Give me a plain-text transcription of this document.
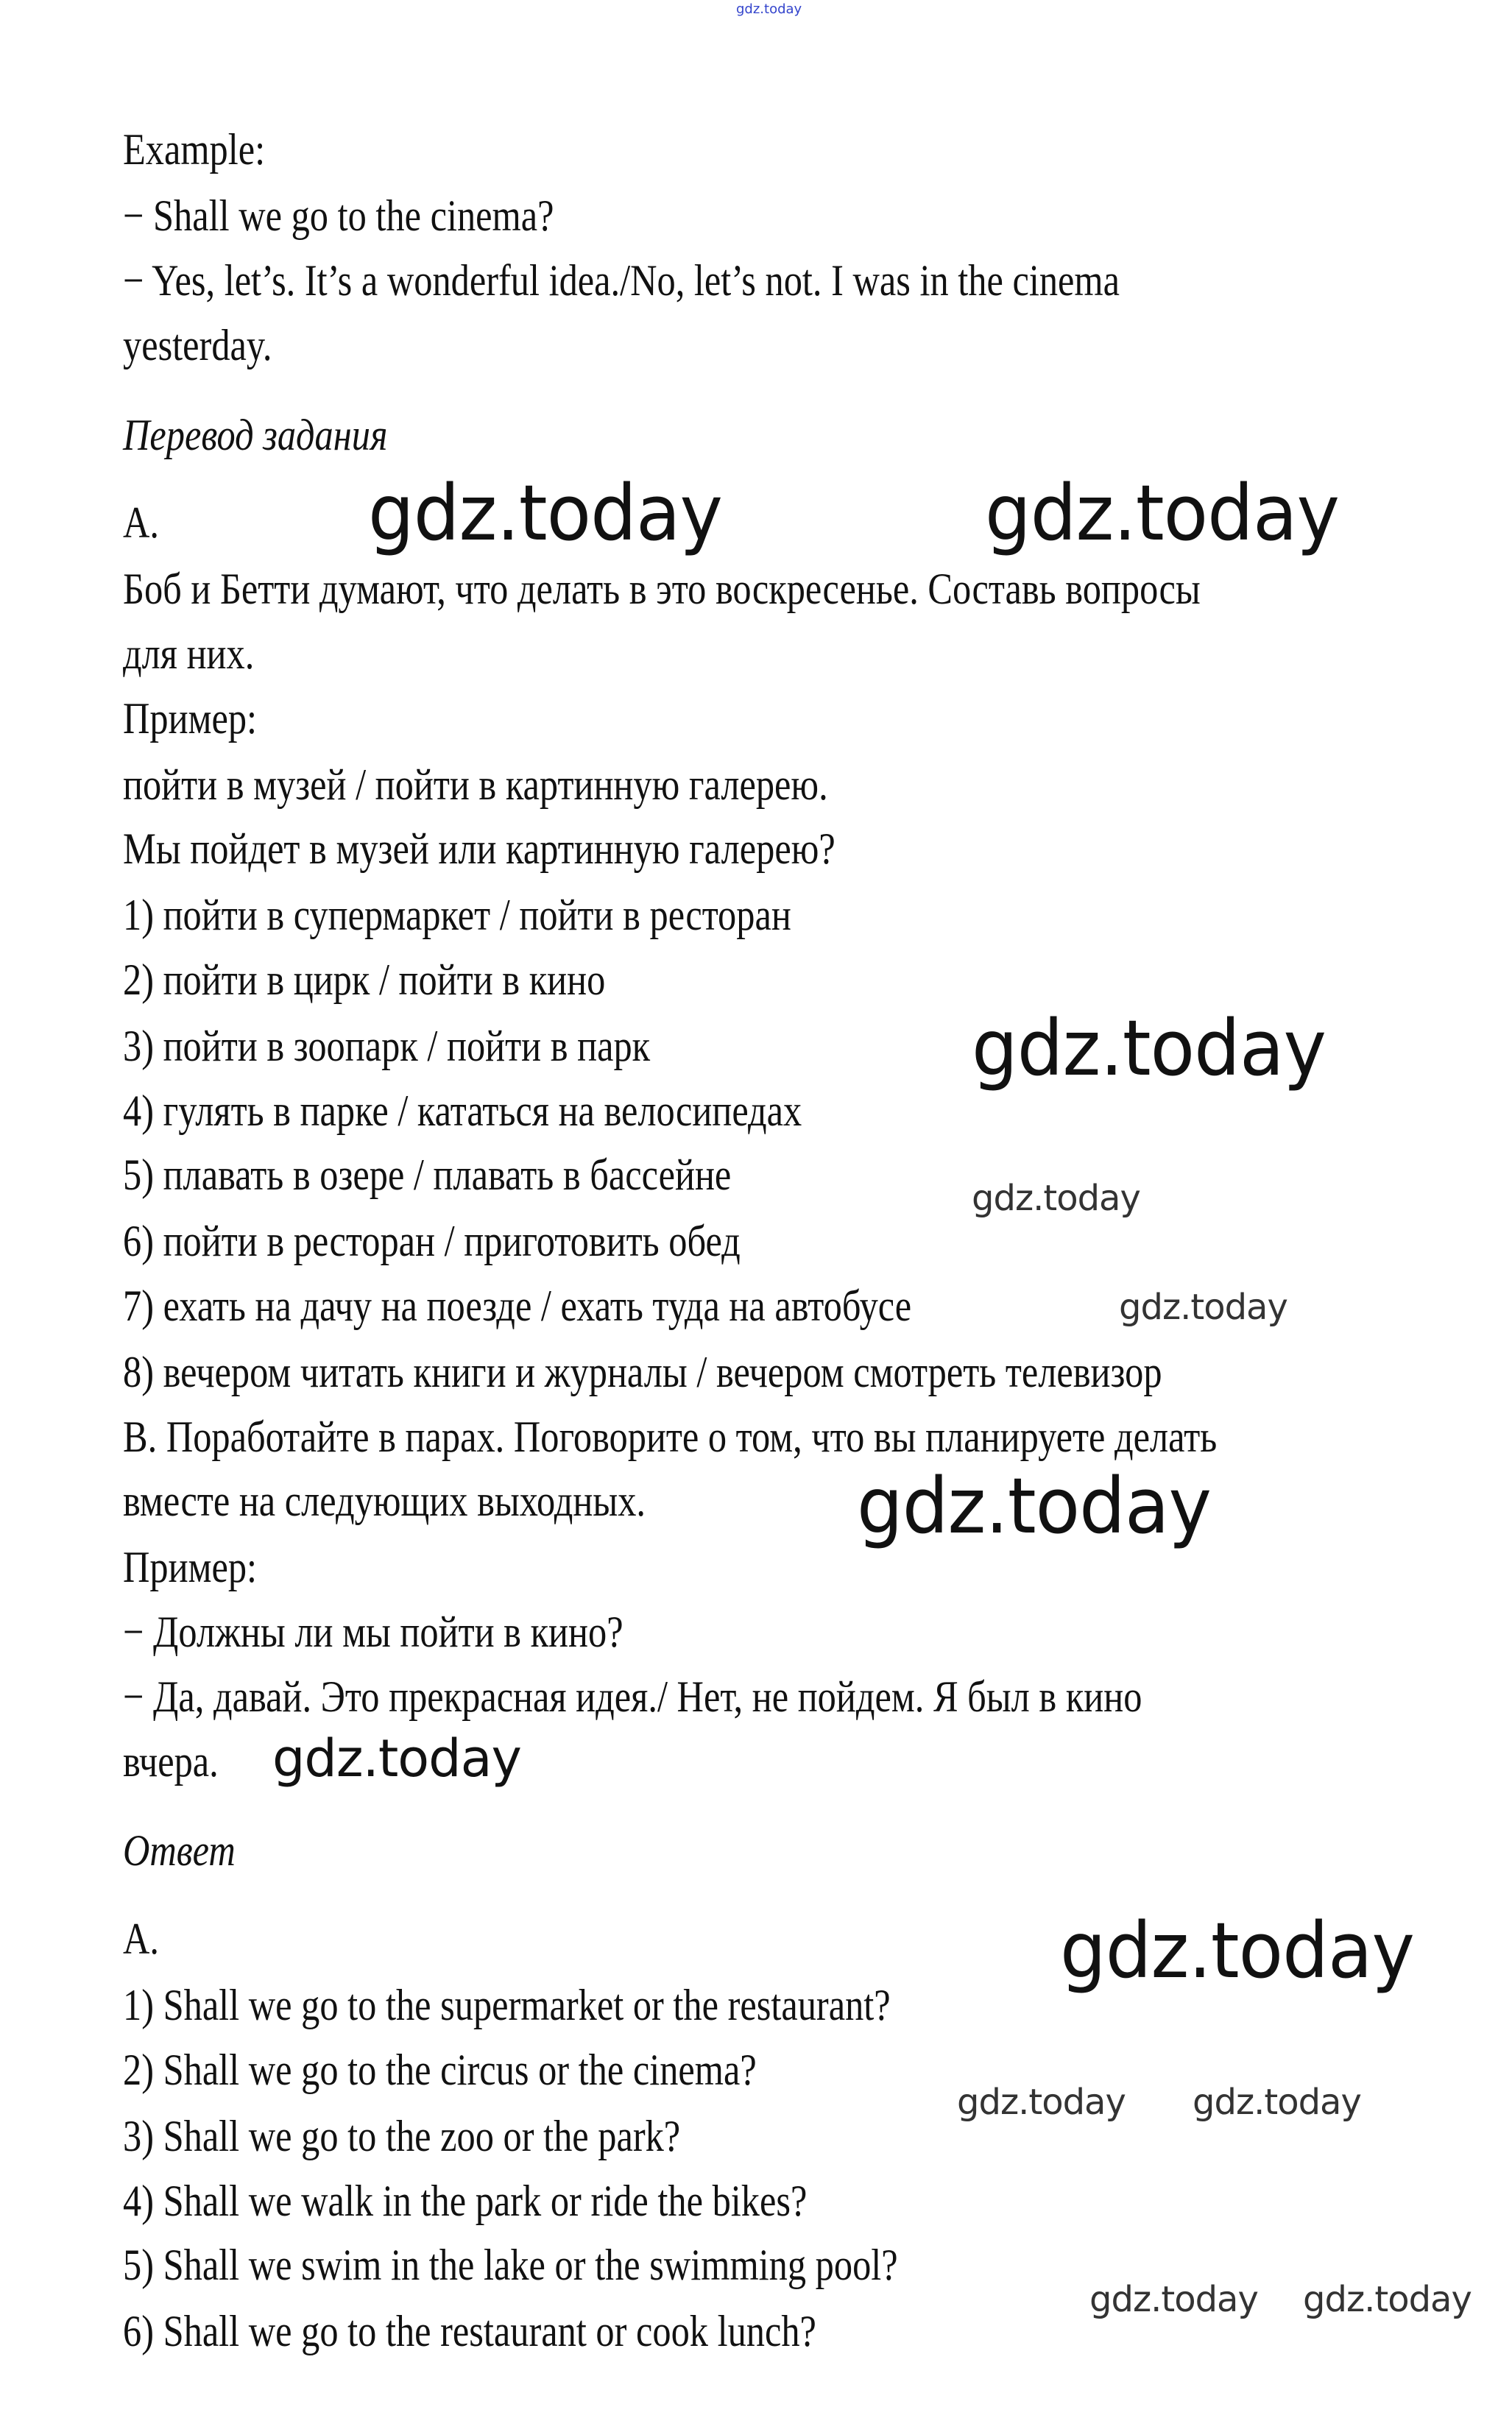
gdz.today
Example:
− Shall we go to the cinema?
− Yes, let’s. It’s a wonderful idea./No, let’s not. I was in the cinema
yesterday.
Перевод задания
A.
Боб и Бетти думают, что делать в это воскресенье. Составь вопросы
для них.
Пример:
пойти в музей / пойти в картинную галерею.
Мы пойдет в музей или картинную галерею?
1) пойти в супермаркет / пойти в ресторан
2) пойти в цирк / пойти в кино
3) пойти в зоопарк / пойти в парк
4) гулять в парке / кататься на велосипедах
5) плавать в озере / плавать в бассейне
6) пойти в ресторан / приготовить обед
7) ехать на дачу на поезде / ехать туда на автобусе
8) вечером читать книги и журналы / вечером смотреть телевизор
B. Поработайте в парах. Поговорите о том, что вы планируете делать
вместе на следующих выходных.
Пример:
− Должны ли мы пойти в кино?
− Да, давай. Это прекрасная идея./ Нет, не пойдем. Я был в кино
вчера.
Ответ
A.
1) Shall we go to the supermarket or the restaurant?
2) Shall we go to the circus or the cinema?
3) Shall we go to the zoo or the park?
4) Shall we walk in the park or ride the bikes?
5) Shall we swim in the lake or the swimming pool?
6) Shall we go to the restaurant or cook lunch?
gdz.today	gdz.today
gdz.today
gdz.today
gdz.today
gdz.today
gdz.today
gdz.today
gdz.today gdz.today
gdz.today gdz.today
